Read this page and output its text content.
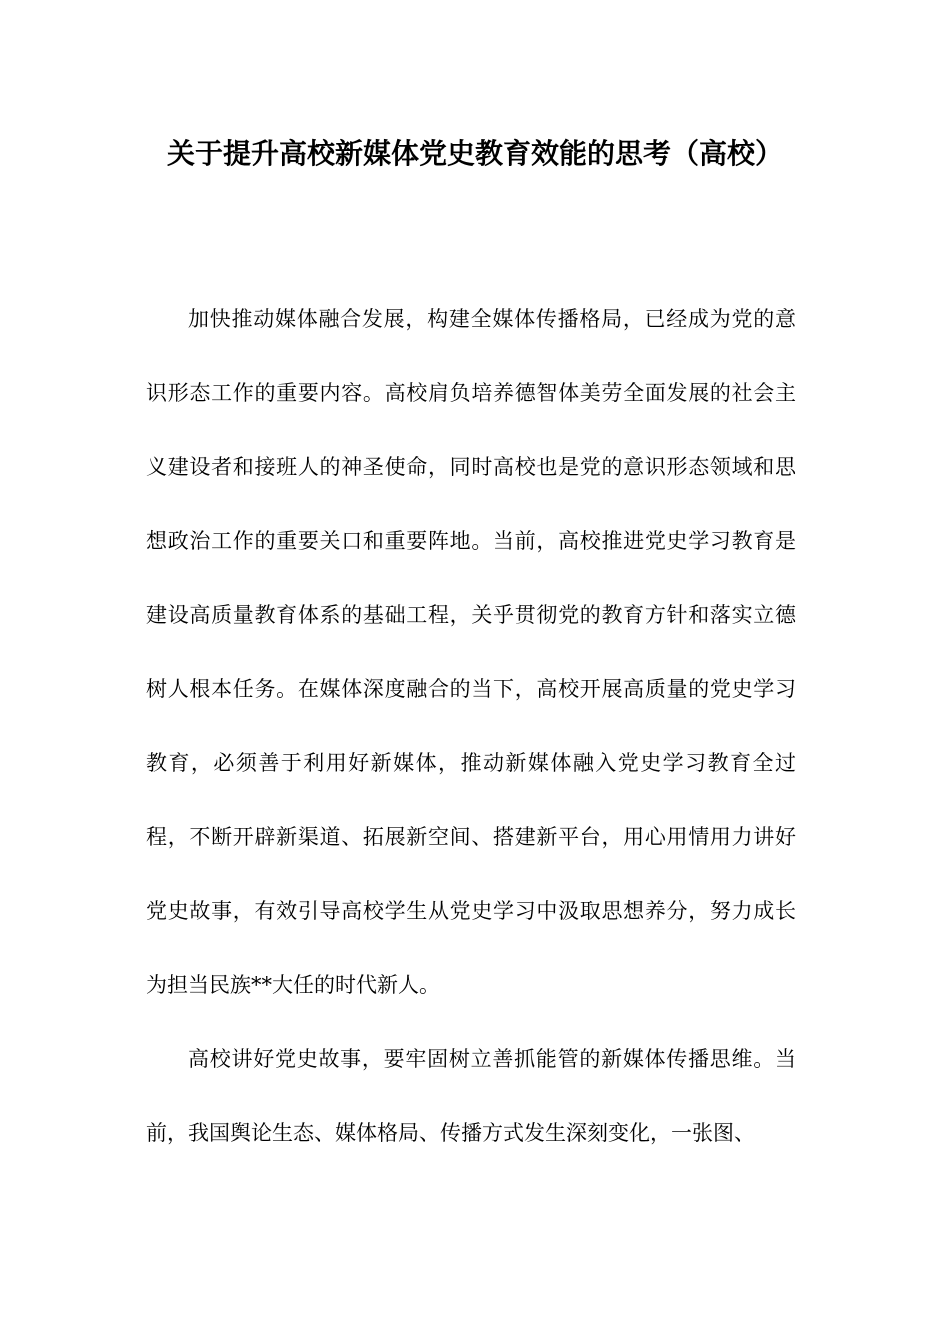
关于提升高校新媒体党史教育效能的思考（高校）

加快推动媒体融合发展，构建全媒体传播格局，已经成为党的意识形态工作的重要内容。高校肩负培养德智体美劳全面发展的社会主义建设者和接班人的神圣使命，同时高校也是党的意识形态领域和思想政治工作的重要关口和重要阵地。当前，高校推进党史学习教育是建设高质量教育体系的基础工程，关乎贯彻党的教育方针和落实立德树人根本任务。在媒体深度融合的当下，高校开展高质量的党史学习教育，必须善于利用好新媒体，推动新媒体融入党史学习教育全过程，不断开辟新渠道、拓展新空间、搭建新平台，用心用情用力讲好党史故事，有效引导高校学生从党史学习中汲取思想养分，努力成长为担当民族**大任的时代新人。

高校讲好党史故事，要牢固树立善抓能管的新媒体传播思维。当前，我国舆论生态、媒体格局、传播方式发生深刻变化，一张图、
